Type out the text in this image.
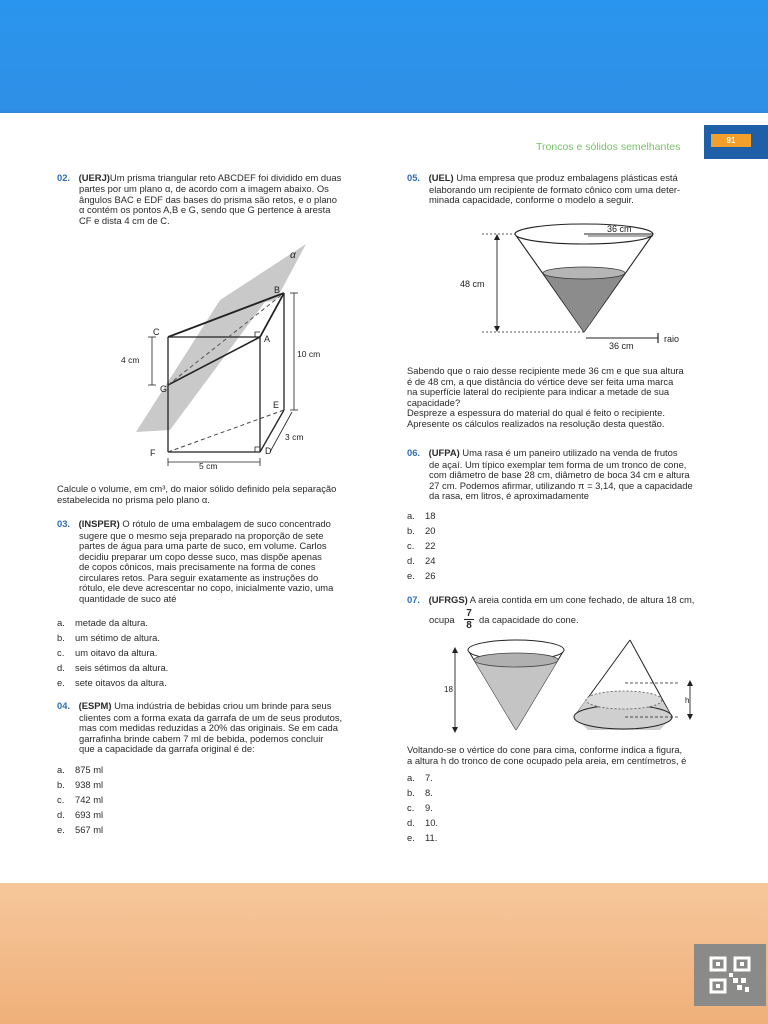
Troncos e sólidos semelhantes
91
02. (UERJ)Um prisma triangular reto ABCDEF foi dividido em duas
partes por um plano α, de acordo com a imagem abaixo. Os
ângulos BAC e EDF das bases do prisma são retos, e o plano
α contém os pontos A,B e G, sendo que G pertence à aresta
CF e dista 4 cm de C.
α
B
C
A
G
E
F	D
4 cm
10 cm
3 cm
5 cm
Calcule o volume, em cm³, do maior sólido definido pela separação
estabelecida no prisma pelo plano α.
03. (INSPER) O rótulo de uma embalagem de suco concentrado
sugere que o mesmo seja preparado na proporção de sete
partes de água para uma parte de suco, em volume. Carlos
decidiu preparar um copo desse suco, mas dispõe apenas
de copos cônicos, mais precisamente na forma de cones
circulares retos. Para seguir exatamente as instruções do
rótulo, ele deve acrescentar no copo, inicialmente vazio, uma
quantidade de suco até
a. metade da altura.
b. um sétimo de altura.
c. um oitavo da altura.
d. seis sétimos da altura.
e. sete oitavos da altura.
04. (ESPM) Uma indústria de bebidas criou um brinde para seus
clientes com a forma exata da garrafa de um de seus produtos,
mas com medidas reduzidas a 20% das originais. Se em cada
garrafinha brinde cabem 7 ml de bebida, podemos concluir
que a capacidade da garrafa original é de:
a. 875 ml
b. 938 ml
c. 742 ml
d. 693 ml
e. 567 ml
05. (UEL) Uma empresa que produz embalagens plásticas está
elaborando um recipiente de formato cônico com uma deter-
minada capacidade, conforme o modelo a seguir.
36 cm
48 cm
36 cm
raio
Sabendo que o raio desse recipiente mede 36 cm e que sua altura
é de 48 cm, a que distância do vértice deve ser feita uma marca
na superfície lateral do recipiente para indicar a metade de sua
capacidade?
Despreze a espessura do material do qual é feito o recipiente.
Apresente os cálculos realizados na resolução desta questão.
06. (UFPA) Uma rasa é um paneiro utilizado na venda de frutos
de açaí. Um típico exemplar tem forma de um tronco de cone,
com diâmetro de base 28 cm, diâmetro de boca 34 cm e altura
27 cm. Podemos afirmar, utilizando π = 3,14, que a capacidade
da rasa, em litros, é aproximadamente
a. 18
b. 20
c. 22
d. 24
e. 26
07. (UFRGS) A areia contida em um cone fechado, de altura 18 cm,
ocupa $\frac{7}{8}$ da capacidade do cone.
18
h
Voltando-se o vértice do cone para cima, conforme indica a figura,
a altura h do tronco de cone ocupado pela areia, em centímetros, é
a. 7.
b. 8.
c. 9.
d. 10.
e. 11.
